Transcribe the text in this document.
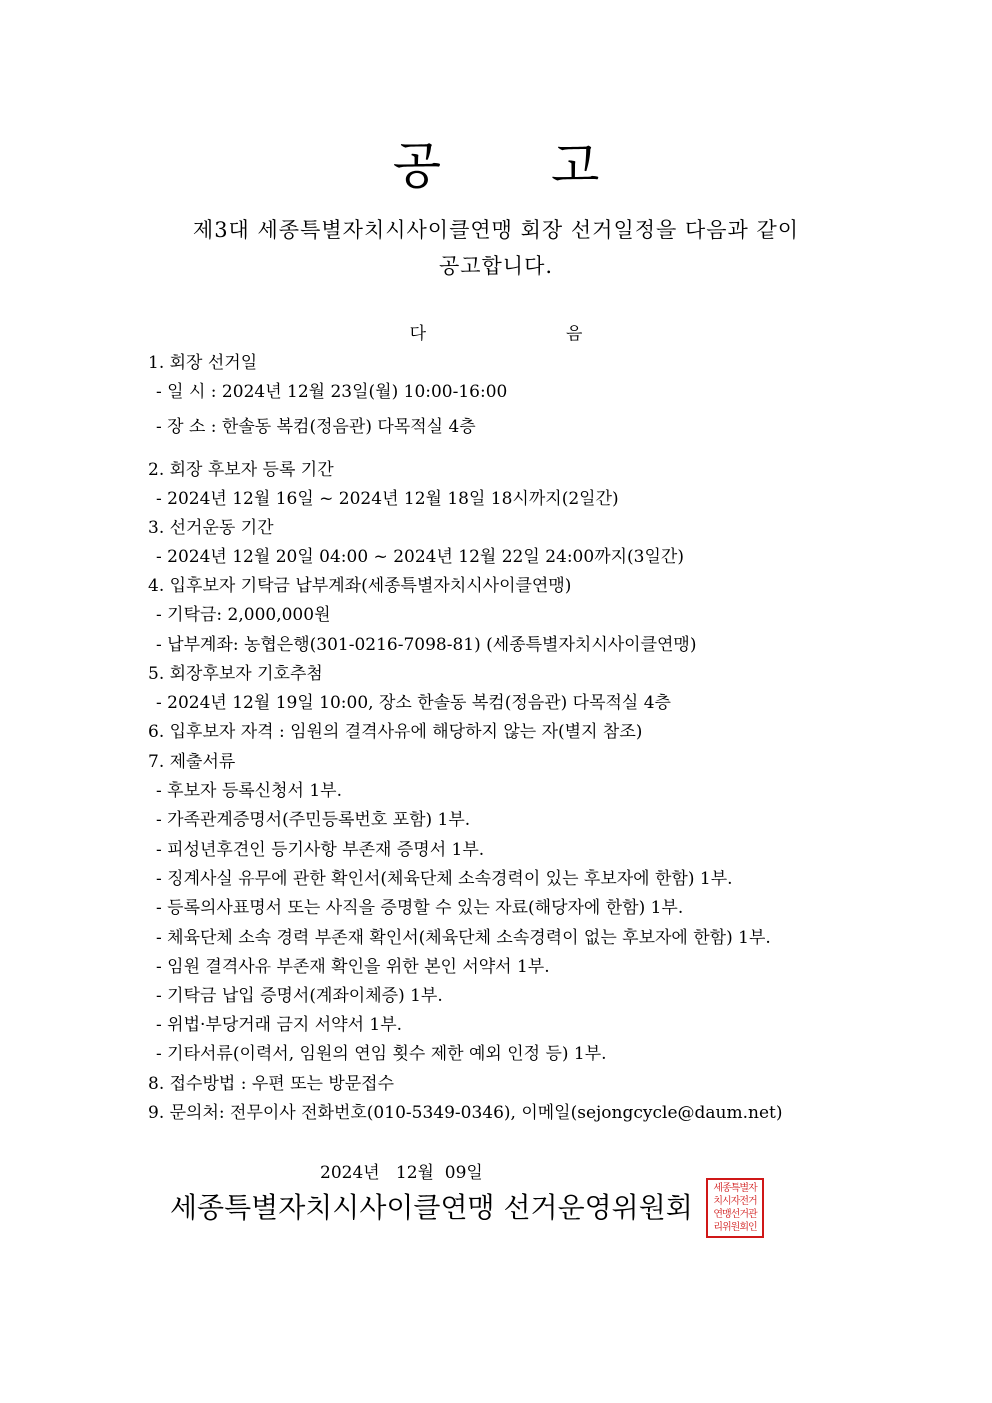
공 고
제3대 세종특별자치시사이클연맹 회장 선거일정을 다음과 같이
공고합니다.
다	음
1. 회장 선거일
- 일 시 : 2024년 12월 23일(월) 10:00-16:00
- 장 소 : 한솔동 복컴(정음관) 다목적실 4층
2. 회장 후보자 등록 기간
- 2024년 12월 16일 ~ 2024년 12월 18일 18시까지(2일간)
3. 선거운동 기간
- 2024년 12월 20일 04:00 ~ 2024년 12월 22일 24:00까지(3일간)
4. 입후보자 기탁금 납부계좌(세종특별자치시사이클연맹)
- 기탁금: 2,000,000원
- 납부계좌: 농협은행(301-0216-7098-81) (세종특별자치시사이클연맹)
5. 회장후보자 기호추첨
- 2024년 12월 19일 10:00, 장소 한솔동 복컴(정음관) 다목적실 4층
6. 입후보자 자격 : 임원의 결격사유에 해당하지 않는 자(별지 참조)
7. 제출서류
- 후보자 등록신청서 1부.
- 가족관계증명서(주민등록번호 포함) 1부.
- 피성년후견인 등기사항 부존재 증명서 1부.
- 징계사실 유무에 관한 확인서(체육단체 소속경력이 있는 후보자에 한함) 1부.
- 등록의사표명서 또는 사직을 증명할 수 있는 자료(해당자에 한함) 1부.
- 체육단체 소속 경력 부존재 확인서(체육단체 소속경력이 없는 후보자에 한함) 1부.
- 임원 결격사유 부존재 확인을 위한 본인 서약서 1부.
- 기탁금 납입 증명서(계좌이체증) 1부.
- 위법·부당거래 금지 서약서 1부.
- 기타서류(이력서, 임원의 연임 횟수 제한 예외 인정 등) 1부.
8. 접수방법 : 우편 또는 방문접수
9. 문의처: 전무이사 전화번호(010-5349-0346), 이메일(sejongcycle@daum.net)
2024년   12월  09일
세종특별자치시사이클연맹 선거운영위원회
세종특별자
치시자전거
연맹선거관
리위원회인
